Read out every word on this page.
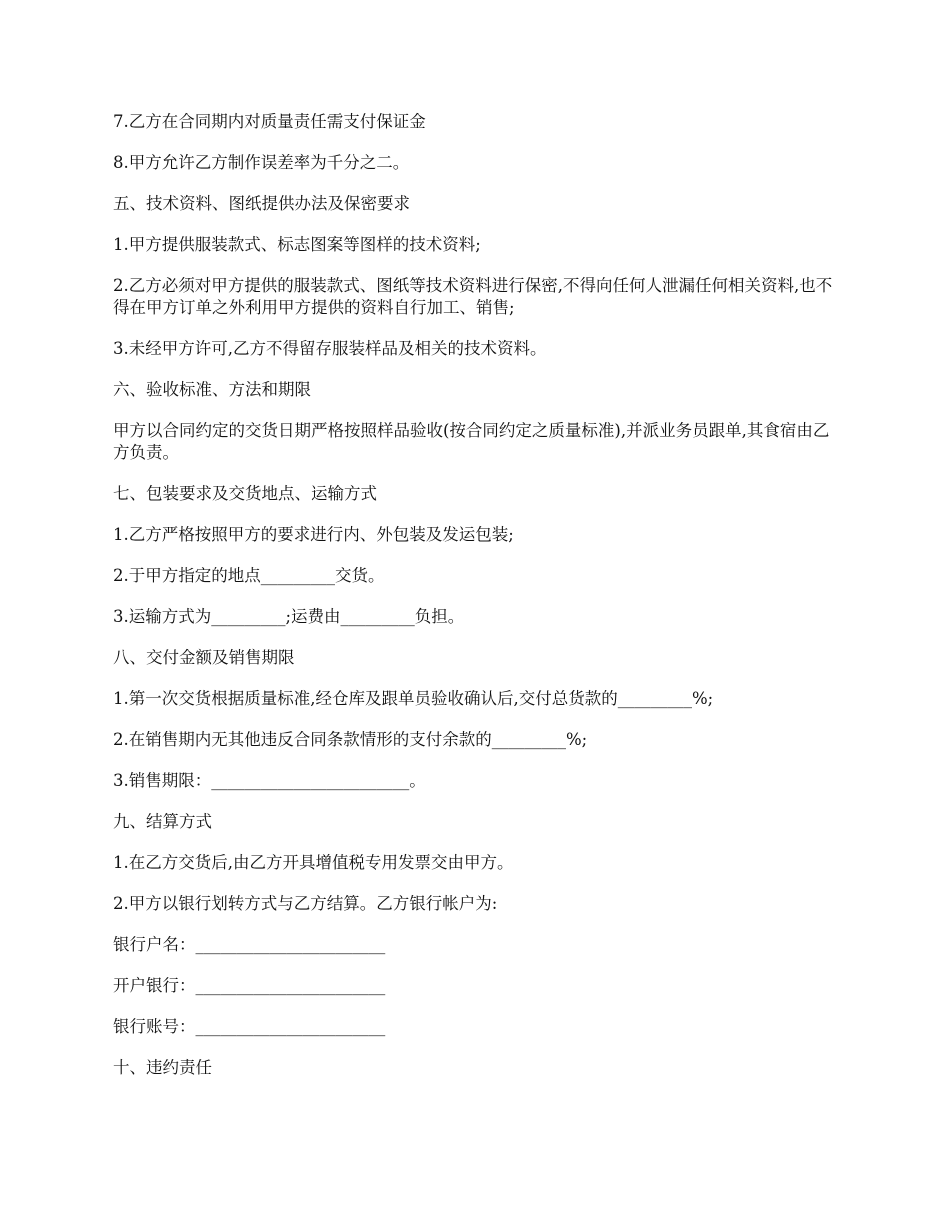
7.乙方在合同期内对质量责任需支付保证金

8.甲方允许乙方制作误差率为千分之二。

五、技术资料、图纸提供办法及保密要求

1.甲方提供服装款式、标志图案等图样的技术资料;

2.乙方必须对甲方提供的服装款式、图纸等技术资料进行保密,不得向任何人泄漏任何相关资料,也不得在甲方订单之外利用甲方提供的资料自行加工、销售;

3.未经甲方许可,乙方不得留存服装样品及相关的技术资料。

六、验收标准、方法和期限

甲方以合同约定的交货日期严格按照样品验收(按合同约定之质量标准),并派业务员跟单,其食宿由乙方负责。

七、包装要求及交货地点、运输方式

1.乙方严格按照甲方的要求进行内、外包装及发运包装;

2.于甲方指定的地点_________交货。

3.运输方式为_________;运费由_________负担。

八、交付金额及销售期限

1.第一次交货根据质量标准,经仓库及跟单员验收确认后,交付总货款的_________%;

2.在销售期内无其他违反合同条款情形的支付余款的_________%;

3.销售期限：________________________。

九、结算方式

1.在乙方交货后,由乙方开具增值税专用发票交由甲方。

2.甲方以银行划转方式与乙方结算。乙方银行帐户为:

银行户名：_______________________

开户银行：_______________________

银行账号：_______________________

十、违约责任
